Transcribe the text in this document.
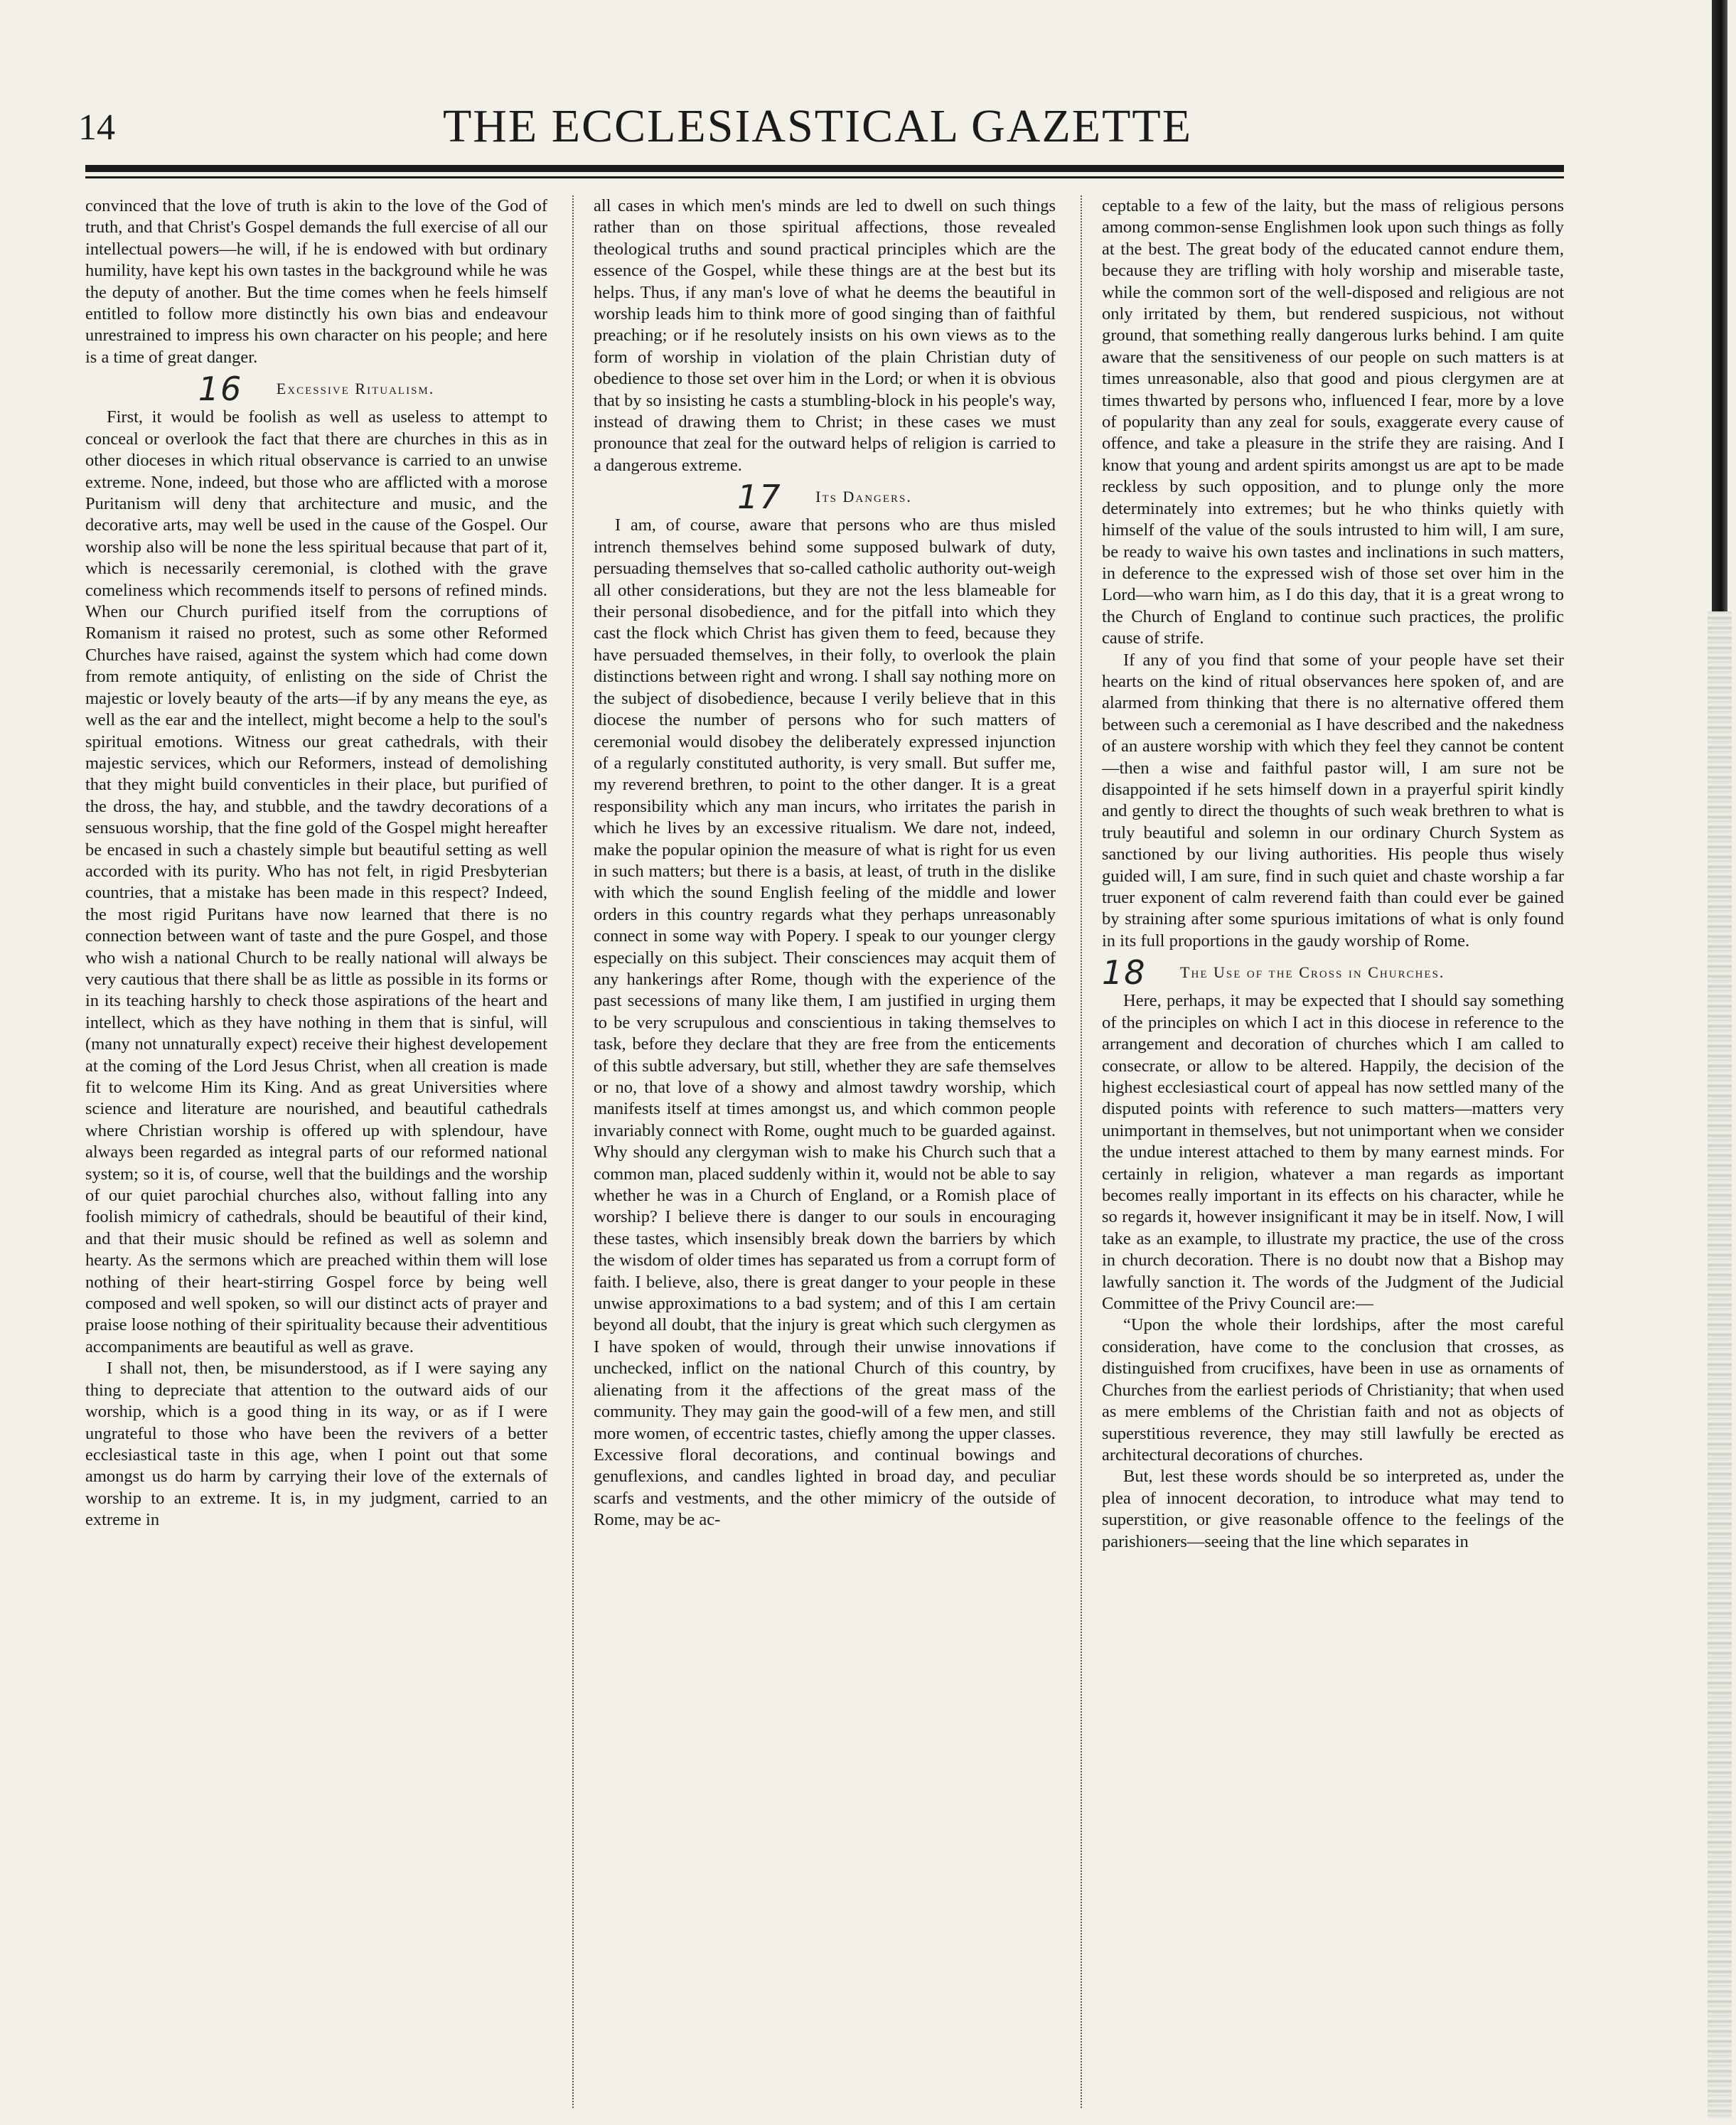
14	THE ECCLESIASTICAL GAZETTE

convinced that the love of truth is akin to the love of the God of truth, and that Christ's Gospel demands the full exercise of all our intellectual powers—he will, if he is endowed with but ordinary humility, have kept his own tastes in the background while he was the deputy of another. But the time comes when he feels himself entitled to follow more distinctly his own bias and endeavour unrestrained to impress his own character on his people; and here is a time of great danger.

16 Excessive Ritualism.

First, it would be foolish as well as useless to attempt to conceal or overlook the fact that there are churches in this as in other dioceses in which ritual observance is carried to an unwise extreme. None, indeed, but those who are afflicted with a morose Puritanism will deny that architecture and music, and the decorative arts, may well be used in the cause of the Gospel. Our worship also will be none the less spiritual because that part of it, which is necessarily ceremonial, is clothed with the grave comeliness which recommends itself to persons of refined minds. When our Church purified itself from the corruptions of Romanism it raised no protest, such as some other Reformed Churches have raised, against the system which had come down from remote antiquity, of enlisting on the side of Christ the majestic or lovely beauty of the arts—if by any means the eye, as well as the ear and the intellect, might become a help to the soul's spiritual emotions. Witness our great cathedrals, with their majestic services, which our Reformers, instead of demolishing that they might build conventicles in their place, but purified of the dross, the hay, and stubble, and the tawdry decorations of a sensuous worship, that the fine gold of the Gospel might hereafter be encased in such a chastely simple but beautiful setting as well accorded with its purity. Who has not felt, in rigid Presbyterian countries, that a mistake has been made in this respect? Indeed, the most rigid Puritans have now learned that there is no connection between want of taste and the pure Gospel, and those who wish a national Church to be really national will always be very cautious that there shall be as little as possible in its forms or in its teaching harshly to check those aspirations of the heart and intellect, which as they have nothing in them that is sinful, will (many not unnaturally expect) receive their highest developement at the coming of the Lord Jesus Christ, when all creation is made fit to welcome Him its King. And as great Universities where science and literature are nourished, and beautiful cathedrals where Christian worship is offered up with splendour, have always been regarded as integral parts of our reformed national system; so it is, of course, well that the buildings and the worship of our quiet parochial churches also, without falling into any foolish mimicry of cathedrals, should be beautiful of their kind, and that their music should be refined as well as solemn and hearty. As the sermons which are preached within them will lose nothing of their heart-stirring Gospel force by being well composed and well spoken, so will our distinct acts of prayer and praise loose nothing of their spirituality because their adventitious accompaniments are beautiful as well as grave.

I shall not, then, be misunderstood, as if I were saying any thing to depreciate that attention to the outward aids of our worship, which is a good thing in its way, or as if I were ungrateful to those who have been the revivers of a better ecclesiastical taste in this age, when I point out that some amongst us do harm by carrying their love of the externals of worship to an extreme. It is, in my judgment, carried to an extreme in

all cases in which men's minds are led to dwell on such things rather than on those spiritual affections, those revealed theological truths and sound practical principles which are the essence of the Gospel, while these things are at the best but its helps. Thus, if any man's love of what he deems the beautiful in worship leads him to think more of good singing than of faithful preaching; or if he resolutely insists on his own views as to the form of worship in violation of the plain Christian duty of obedience to those set over him in the Lord; or when it is obvious that by so insisting he casts a stumbling-block in his people's way, instead of drawing them to Christ; in these cases we must pronounce that zeal for the outward helps of religion is carried to a dangerous extreme.

17 Its Dangers.

I am, of course, aware that persons who are thus misled intrench themselves behind some supposed bulwark of duty, persuading themselves that so-called catholic authority out-weigh all other considerations, but they are not the less blameable for their personal disobedience, and for the pitfall into which they cast the flock which Christ has given them to feed, because they have persuaded themselves, in their folly, to overlook the plain distinctions between right and wrong. I shall say nothing more on the subject of disobedience, because I verily believe that in this diocese the number of persons who for such matters of ceremonial would disobey the deliberately expressed injunction of a regularly constituted authority, is very small. But suffer me, my reverend brethren, to point to the other danger. It is a great responsibility which any man incurs, who irritates the parish in which he lives by an excessive ritualism. We dare not, indeed, make the popular opinion the measure of what is right for us even in such matters; but there is a basis, at least, of truth in the dislike with which the sound English feeling of the middle and lower orders in this country regards what they perhaps unreasonably connect in some way with Popery. I speak to our younger clergy especially on this subject. Their consciences may acquit them of any hankerings after Rome, though with the experience of the past secessions of many like them, I am justified in urging them to be very scrupulous and conscientious in taking themselves to task, before they declare that they are free from the enticements of this subtle adversary, but still, whether they are safe themselves or no, that love of a showy and almost tawdry worship, which manifests itself at times amongst us, and which common people invariably connect with Rome, ought much to be guarded against. Why should any clergyman wish to make his Church such that a common man, placed suddenly within it, would not be able to say whether he was in a Church of England, or a Romish place of worship? I believe there is danger to our souls in encouraging these tastes, which insensibly break down the barriers by which the wisdom of older times has separated us from a corrupt form of faith. I believe, also, there is great danger to your people in these unwise approximations to a bad system; and of this I am certain beyond all doubt, that the injury is great which such clergymen as I have spoken of would, through their unwise innovations if unchecked, inflict on the national Church of this country, by alienating from it the affections of the great mass of the community. They may gain the good-will of a few men, and still more women, of eccentric tastes, chiefly among the upper classes. Excessive floral decorations, and continual bowings and genuflexions, and candles lighted in broad day, and peculiar scarfs and vestments, and the other mimicry of the outside of Rome, may be ac-

ceptable to a few of the laity, but the mass of religious persons among common-sense Englishmen look upon such things as folly at the best. The great body of the educated cannot endure them, because they are trifling with holy worship and miserable taste, while the common sort of the well-disposed and religious are not only irritated by them, but rendered suspicious, not without ground, that something really dangerous lurks behind. I am quite aware that the sensitiveness of our people on such matters is at times unreasonable, also that good and pious clergymen are at times thwarted by persons who, influenced I fear, more by a love of popularity than any zeal for souls, exaggerate every cause of offence, and take a pleasure in the strife they are raising. And I know that young and ardent spirits amongst us are apt to be made reckless by such opposition, and to plunge only the more determinately into extremes; but he who thinks quietly with himself of the value of the souls intrusted to him will, I am sure, be ready to waive his own tastes and inclinations in such matters, in deference to the expressed wish of those set over him in the Lord—who warn him, as I do this day, that it is a great wrong to the Church of England to continue such practices, the prolific cause of strife.

If any of you find that some of your people have set their hearts on the kind of ritual observances here spoken of, and are alarmed from thinking that there is no alternative offered them between such a ceremonial as I have described and the nakedness of an austere worship with which they feel they cannot be content—then a wise and faithful pastor will, I am sure not be disappointed if he sets himself down in a prayerful spirit kindly and gently to direct the thoughts of such weak brethren to what is truly beautiful and solemn in our ordinary Church System as sanctioned by our living authorities. His people thus wisely guided will, I am sure, find in such quiet and chaste worship a far truer exponent of calm reverend faith than could ever be gained by straining after some spurious imitations of what is only found in its full proportions in the gaudy worship of Rome.

18 The Use of the Cross in Churches.

Here, perhaps, it may be expected that I should say something of the principles on which I act in this diocese in reference to the arrangement and decoration of churches which I am called to consecrate, or allow to be altered. Happily, the decision of the highest ecclesiastical court of appeal has now settled many of the disputed points with reference to such matters—matters very unimportant in themselves, but not unimportant when we consider the undue interest attached to them by many earnest minds. For certainly in religion, whatever a man regards as important becomes really important in its effects on his character, while he so regards it, however insignificant it may be in itself. Now, I will take as an example, to illustrate my practice, the use of the cross in church decoration. There is no doubt now that a Bishop may lawfully sanction it. The words of the Judgment of the Judicial Committee of the Privy Council are:—

“Upon the whole their lordships, after the most careful consideration, have come to the conclusion that crosses, as distinguished from crucifixes, have been in use as ornaments of Churches from the earliest periods of Christianity; that when used as mere emblems of the Christian faith and not as objects of superstitious reverence, they may still lawfully be erected as architectural decorations of churches.

But, lest these words should be so interpreted as, under the plea of innocent decoration, to introduce what may tend to superstition, or give reasonable offence to the feelings of the parishioners—seeing that the line which separates in
